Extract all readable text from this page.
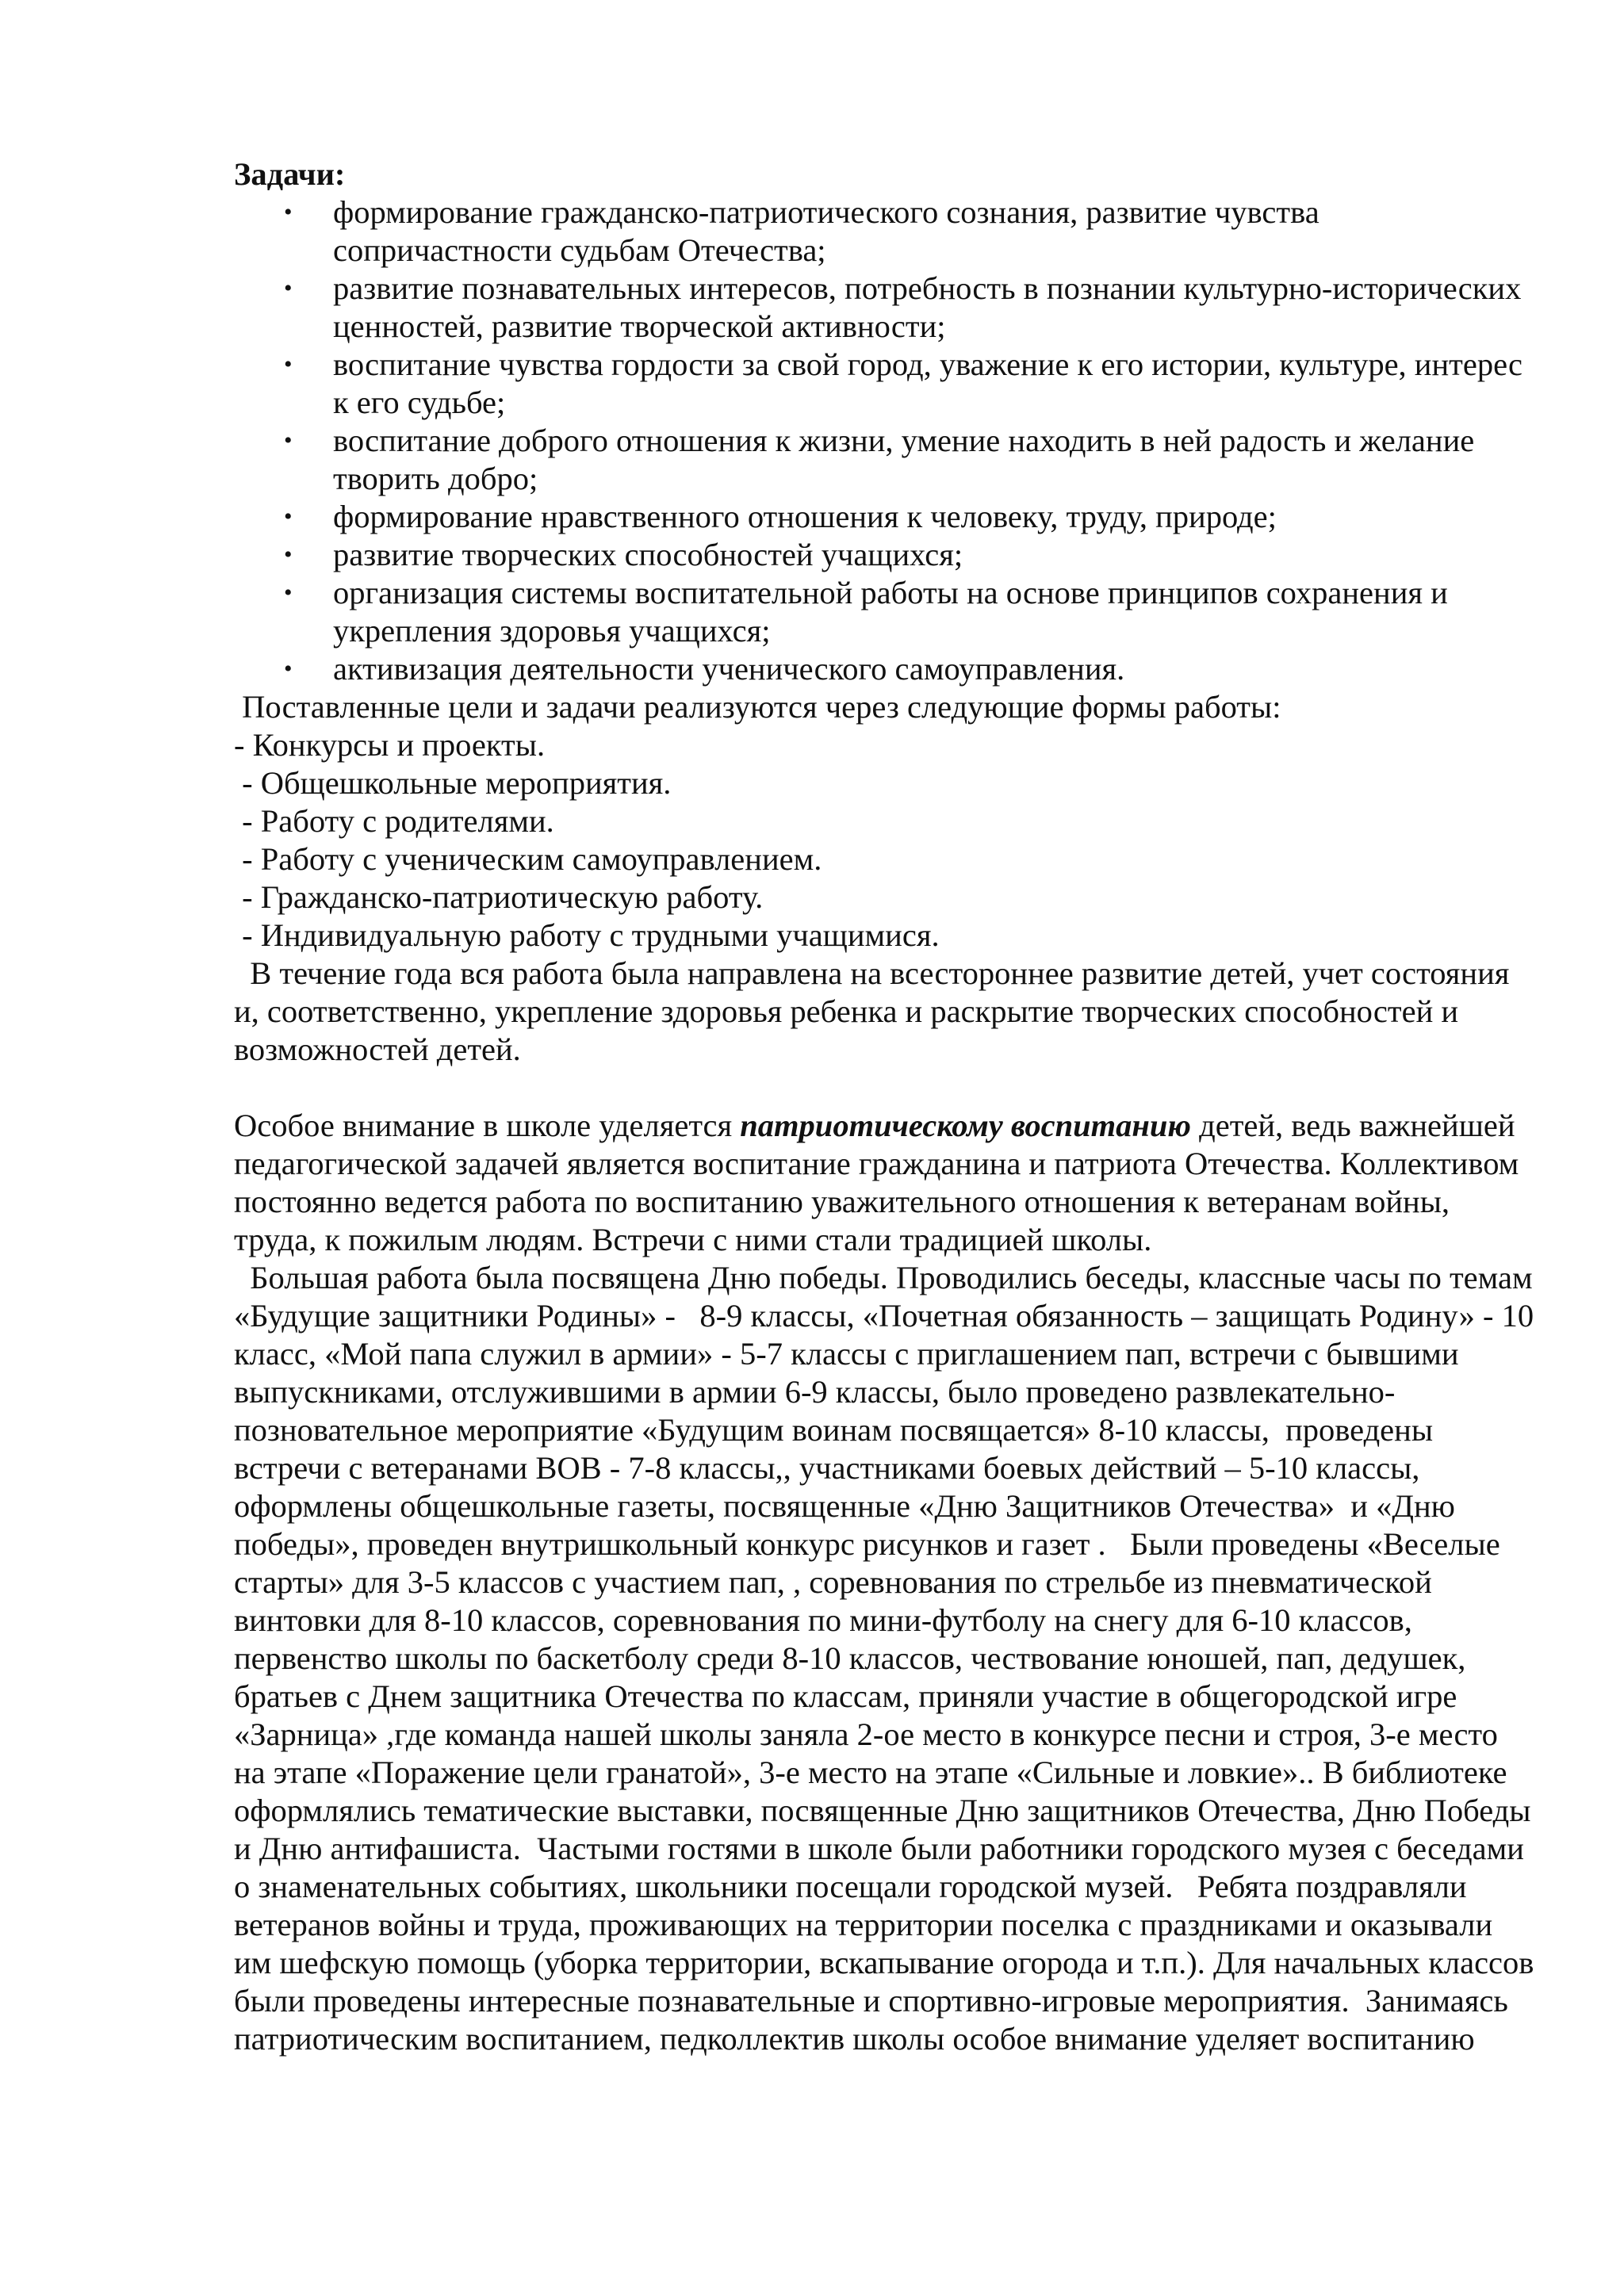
Задачи:

• формирование гражданско-патриотического сознания, развитие чувства сопричастности судьбам Отечества;
• развитие познавательных интересов, потребность в познании культурно-исторических ценностей, развитие творческой активности;
• воспитание чувства гордости за свой город, уважение к его истории, культуре, интерес к его судьбе;
• воспитание доброго отношения к жизни, умение находить в ней радость и желание творить добро;
• формирование нравственного отношения к человеку, труду, природе;
• развитие творческих способностей учащихся;
• организация системы воспитательной работы на основе принципов сохранения и укрепления здоровья учащихся;
• активизация деятельности ученического самоуправления.

Поставленные цели и задачи реализуются через следующие формы работы:

- Конкурсы и проекты.

- Общешкольные мероприятия.

- Работу с родителями.

- Работу с ученическим самоуправлением.

- Гражданско-патриотическую работу.

- Индивидуальную работу с трудными учащимися.

В течение года вся работа была направлена на всестороннее развитие детей, учет состояния и, соответственно, укрепление здоровья ребенка и раскрытие творческих способностей и возможностей детей.

Особое внимание в школе уделяется патриотическому воспитанию детей, ведь важнейшей педагогической задачей является воспитание гражданина и патриота Отечества. Коллективом постоянно ведется работа по воспитанию уважительного отношения к ветеранам войны, труда, к пожилым людям. Встречи с ними стали традицией школы.

Большая работа была посвящена Дню победы. Проводились беседы, классные часы по темам «Будущие защитники Родины» -   8-9 классы, «Почетная обязанность – защищать Родину» - 10 класс, «Мой папа служил в армии» - 5-7 классы с приглашением пап, встречи с бывшими выпускниками, отслужившими в армии 6-9 классы, было проведено развлекательно-позновательное мероприятие «Будущим воинам посвящается» 8-10 классы,  проведены встречи с ветеранами ВОВ - 7-8 классы,, участниками боевых действий – 5-10 классы, оформлены общешкольные газеты, посвященные «Дню Защитников Отечества»  и «Дню победы», проведен внутришкольный конкурс рисунков и газет .   Были проведены «Веселые старты» для 3-5 классов с участием пап, , соревнования по стрельбе из пневматической винтовки для 8-10 классов, соревнования по мини-футболу на снегу для 6-10 классов, первенство школы по баскетболу среди 8-10 классов, чествование юношей, пап, дедушек, братьев с Днем защитника Отечества по классам, приняли участие в общегородской игре «Зарница» ,где команда нашей школы заняла 2-ое место в конкурсе песни и строя, 3-е место на этапе «Поражение цели гранатой», 3-е место на этапе «Сильные и ловкие».. В библиотеке оформлялись тематические выставки, посвященные Дню защитников Отечества, Дню Победы и Дню антифашиста.  Частыми гостями в школе были работники городского музея с беседами о знаменательных событиях, школьники посещали городской музей.   Ребята поздравляли ветеранов войны и труда, проживающих на территории поселка с праздниками и оказывали им шефскую помощь (уборка территории, вскапывание огорода и т.п.). Для начальных классов были проведены интересные познавательные и спортивно-игровые мероприятия.  Занимаясь патриотическим воспитанием, педколлектив школы особое внимание уделяет воспитанию
